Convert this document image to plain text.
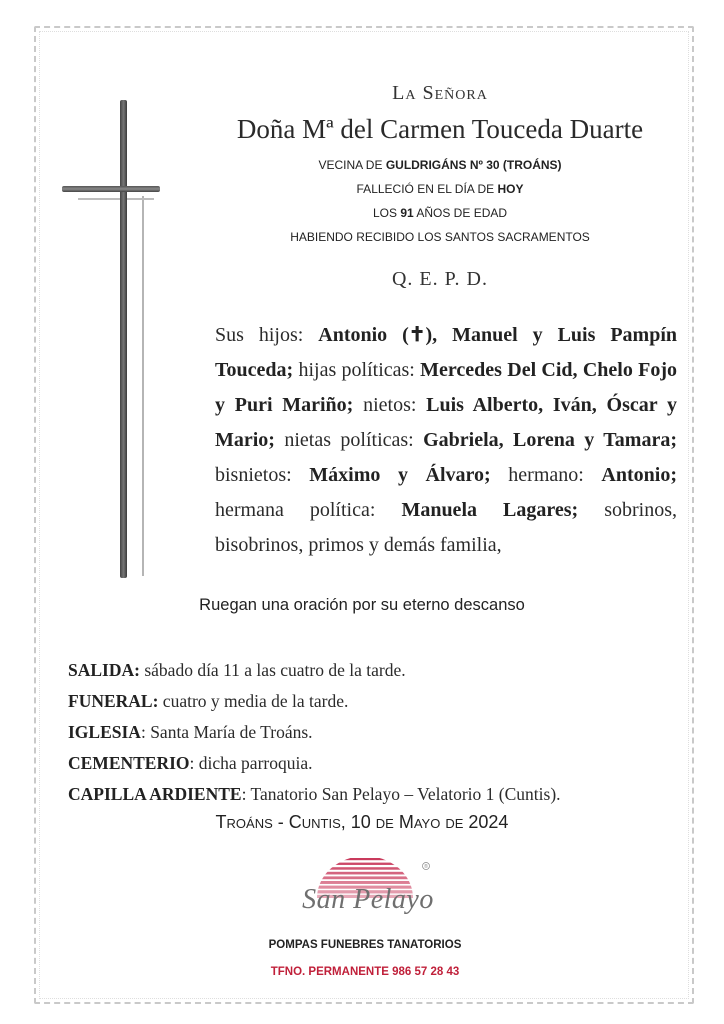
La Señora
Doña Mª del Carmen Touceda Duarte
VECINA DE GULDRIGÁNS Nº 30 (TROÁNS)
FALLECIÓ EN EL DÍA DE HOY
LOS 91 AÑOS DE EDAD
HABIENDO RECIBIDO LOS SANTOS SACRAMENTOS
Q. E. P. D.
Sus hijos: Antonio (✝), Manuel y Luis Pampín Touceda; hijas políticas: Mercedes Del Cid, Chelo Fojo y Puri Mariño; nietos: Luis Alberto, Iván, Óscar y Mario; nietas políticas: Gabriela, Lorena y Tamara; bisnietos: Máximo y Álvaro; hermano: Antonio; hermana política: Manuela Lagares; sobrinos, bisobrinos, primos y demás familia,
Ruegan una oración por su eterno descanso
SALIDA: sábado día 11 a las cuatro de la tarde.
FUNERAL: cuatro y media de la tarde.
IGLESIA: Santa María de Troáns.
CEMENTERIO: dicha parroquia.
CAPILLA ARDIENTE: Tanatorio San Pelayo – Velatorio 1 (Cuntis).
Troáns - Cuntis, 10 de Mayo de 2024
®
San Pelayo
POMPAS FUNEBRES TANATORIOS
TFNO. PERMANENTE 986 57 28 43
